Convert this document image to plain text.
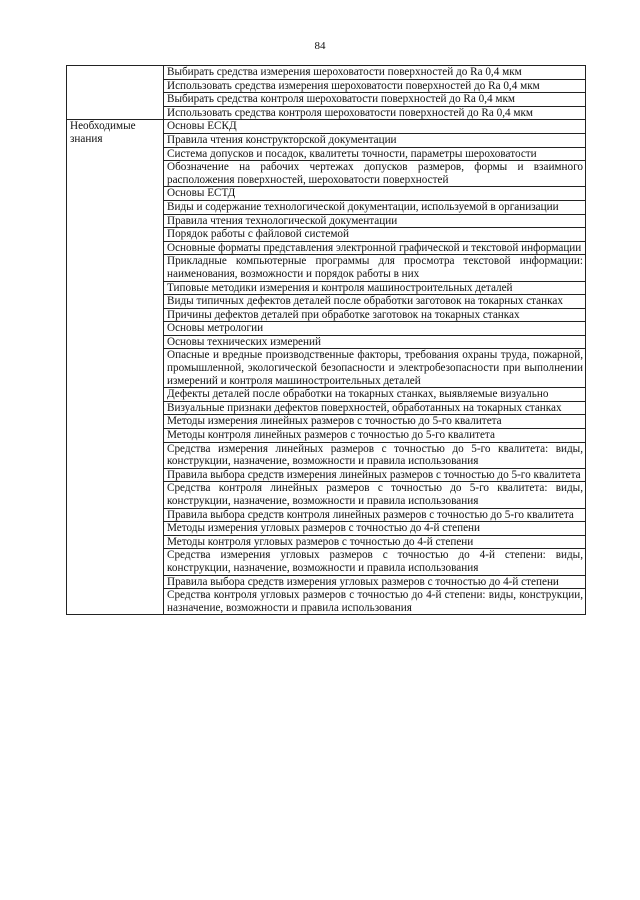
84
	Выбирать средства измерения шероховатости поверхностей до Ra 0,4 мкм
	Использовать средства измерения шероховатости поверхностей до Ra 0,4 мкм
	Выбирать средства контроля шероховатости поверхностей до Ra 0,4 мкм
	Использовать средства контроля шероховатости поверхностей до Ra 0,4 мкм
Необходимые знания	Основы ЕСКД
	Правила чтения конструкторской документации
	Система допусков и посадок, квалитеты точности, параметры шероховатости
	Обозначение на рабочих чертежах допусков размеров, формы и взаимного расположения поверхностей, шероховатости поверхностей
	Основы ЕСТД
	Виды и содержание технологической документации, используемой в организации
	Правила чтения технологической документации
	Порядок работы с файловой системой
	Основные форматы представления электронной графической и текстовой информации
	Прикладные компьютерные программы для просмотра текстовой информации: наименования, возможности и порядок работы в них
	Типовые методики измерения и контроля машиностроительных деталей
	Виды типичных дефектов деталей после обработки заготовок на токарных станках
	Причины дефектов деталей при обработке заготовок на токарных станках
	Основы метрологии
	Основы технических измерений
	Опасные и вредные производственные факторы, требования охраны труда, пожарной, промышленной, экологической безопасности и электробезопасности при выполнении измерений и контроля машиностроительных деталей
	Дефекты деталей после обработки на токарных станках, выявляемые визуально
	Визуальные признаки дефектов поверхностей, обработанных на токарных станках
	Методы измерения линейных размеров с точностью до 5-го квалитета
	Методы контроля линейных размеров с точностью до 5-го квалитета
	Средства измерения линейных размеров с точностью до 5-го квалитета: виды, конструкции, назначение, возможности и правила использования
	Правила выбора средств измерения линейных размеров с точностью до 5-го квалитета
	Средства контроля линейных размеров с точностью до 5-го квалитета: виды, конструкции, назначение, возможности и правила использования
	Правила выбора средств контроля линейных размеров с точностью до 5-го квалитета
	Методы измерения угловых размеров с точностью до 4-й степени
	Методы контроля угловых размеров с точностью до 4-й степени
	Средства измерения угловых размеров с точностью до 4-й степени: виды, конструкции, назначение, возможности и правила использования
	Правила выбора средств измерения угловых размеров с точностью до 4-й степени
	Средства контроля угловых размеров с точностью до 4-й степени: виды, конструкции, назначение, возможности и правила использования
